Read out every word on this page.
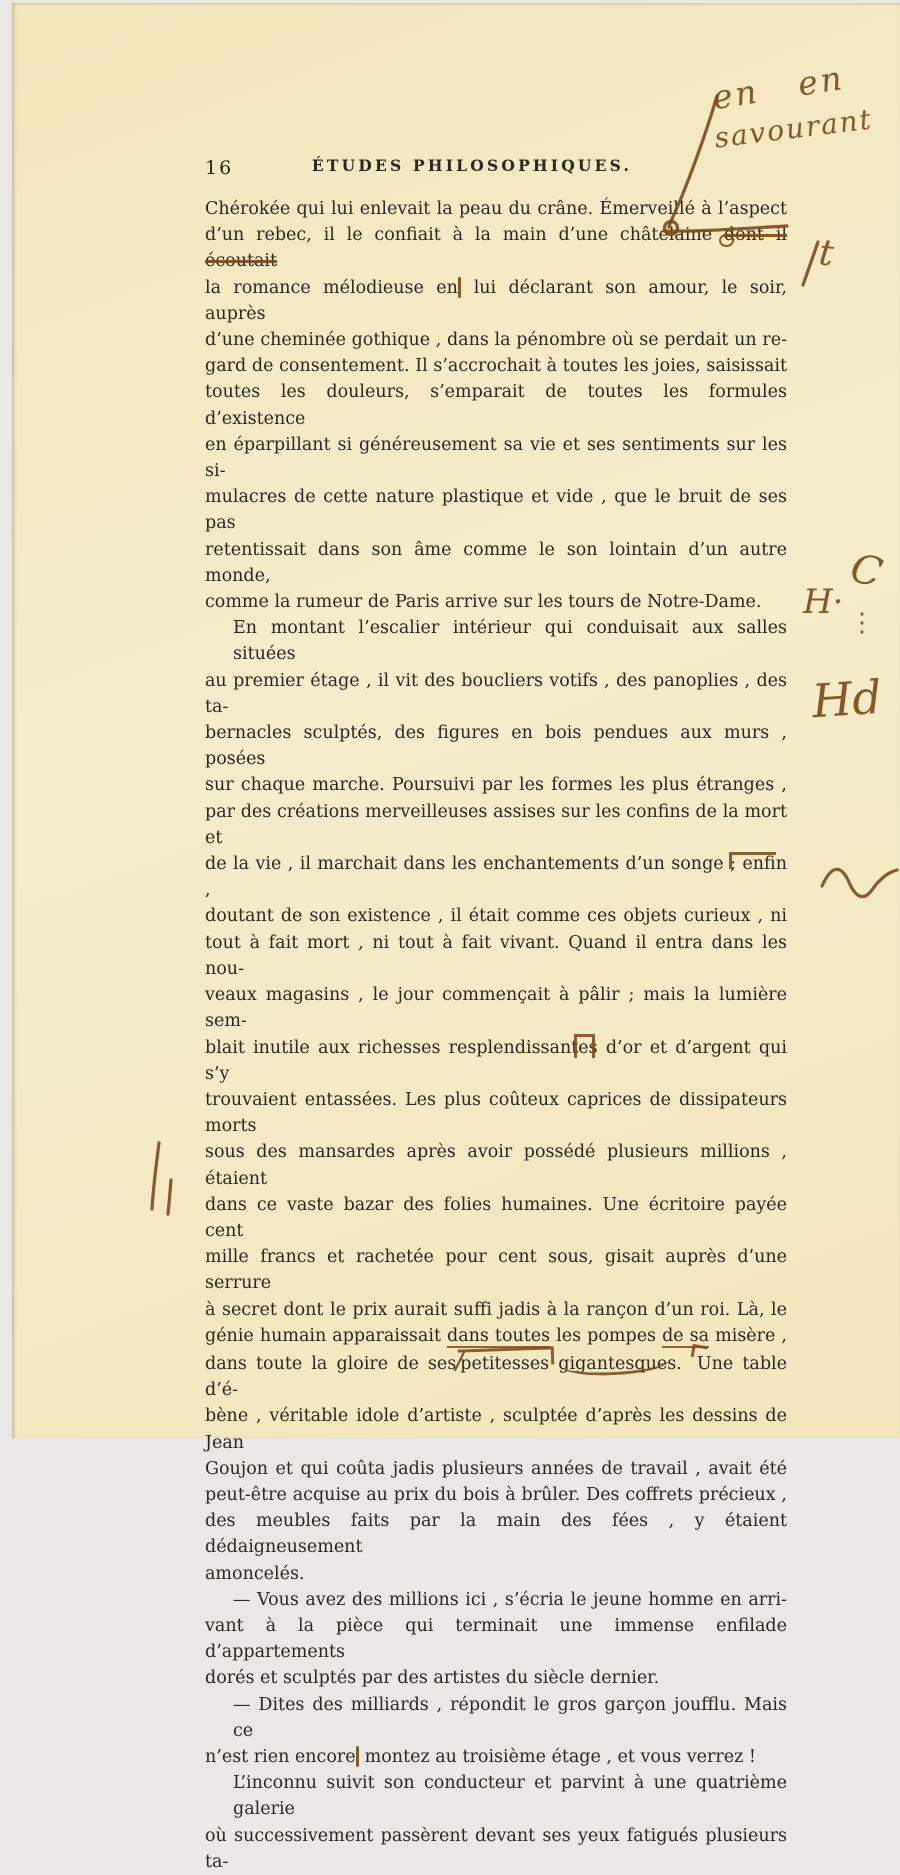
16	ÉTUDES PHILOSOPHIQUES.
Chérokée qui lui enlevait la peau du crâne. Émerveillé à l’aspect
d’un rebec, il le confiait à la main d’une châtelaine dont il écoutait
la romance mélodieuse en lui déclarant son amour, le soir, auprès
d’une cheminée gothique , dans la pénombre où se perdait un re-
gard de consentement. Il s’accrochait à toutes les joies, saisissait
toutes les douleurs, s’emparait de toutes les formules d’existence
en éparpillant si généreusement sa vie et ses sentiments sur les si-
mulacres de cette nature plastique et vide , que le bruit de ses pas
retentissait dans son âme comme le son lointain d’un autre monde,
comme la rumeur de Paris arrive sur les tours de Notre-Dame.
En montant l’escalier intérieur qui conduisait aux salles situées
au premier étage , il vit des boucliers votifs , des panoplies , des ta-
bernacles sculptés, des figures en bois pendues aux murs , posées
sur chaque marche. Poursuivi par les formes les plus étranges ,
par des créations merveilleuses assises sur les confins de la mort et
de la vie , il marchait dans les enchantements d’un songe ; enfin ,
doutant de son existence , il était comme ces objets curieux , ni
tout à fait mort , ni tout à fait vivant. Quand il entra dans les nou-
veaux magasins , le jour commençait à pâlir ; mais la lumière sem-
blait inutile aux richesses resplendissantes d’or et d’argent qui s’y
trouvaient entassées. Les plus coûteux caprices de dissipateurs morts
sous des mansardes après avoir possédé plusieurs millions , étaient
dans ce vaste bazar des folies humaines. Une écritoire payée cent
mille francs et rachetée pour cent sous, gisait auprès d’une serrure
à secret dont le prix aurait suffi jadis à la rançon d’un roi. Là, le
génie humain apparaissait dans toutes les pompes de sa misère ,
dans toute la gloire de ses/petitesses gigantesques. Une table d’é-
bène , véritable idole d’artiste , sculptée d’après les dessins de Jean
Goujon et qui coûta jadis plusieurs années de travail , avait été
peut-être acquise au prix du bois à brûler. Des coffrets précieux ,
des meubles faits par la main des fées , y étaient dédaigneusement
amoncelés.
— Vous avez des millions ici , s’écria le jeune homme en arri-
vant à la pièce qui terminait une immense enfilade d’appartements
dorés et sculptés par des artistes du siècle dernier.
— Dites des milliards , répondit le gros garçon joufflu. Mais ce
n’est rien encore montez au troisième étage , et vous verrez !
L’inconnu suivit son conducteur et parvint à une quatrième galerie
où successivement passèrent devant ses yeux fatigués plusieurs ta-
en en
savourant
t
H·
C
⋮
Hd
